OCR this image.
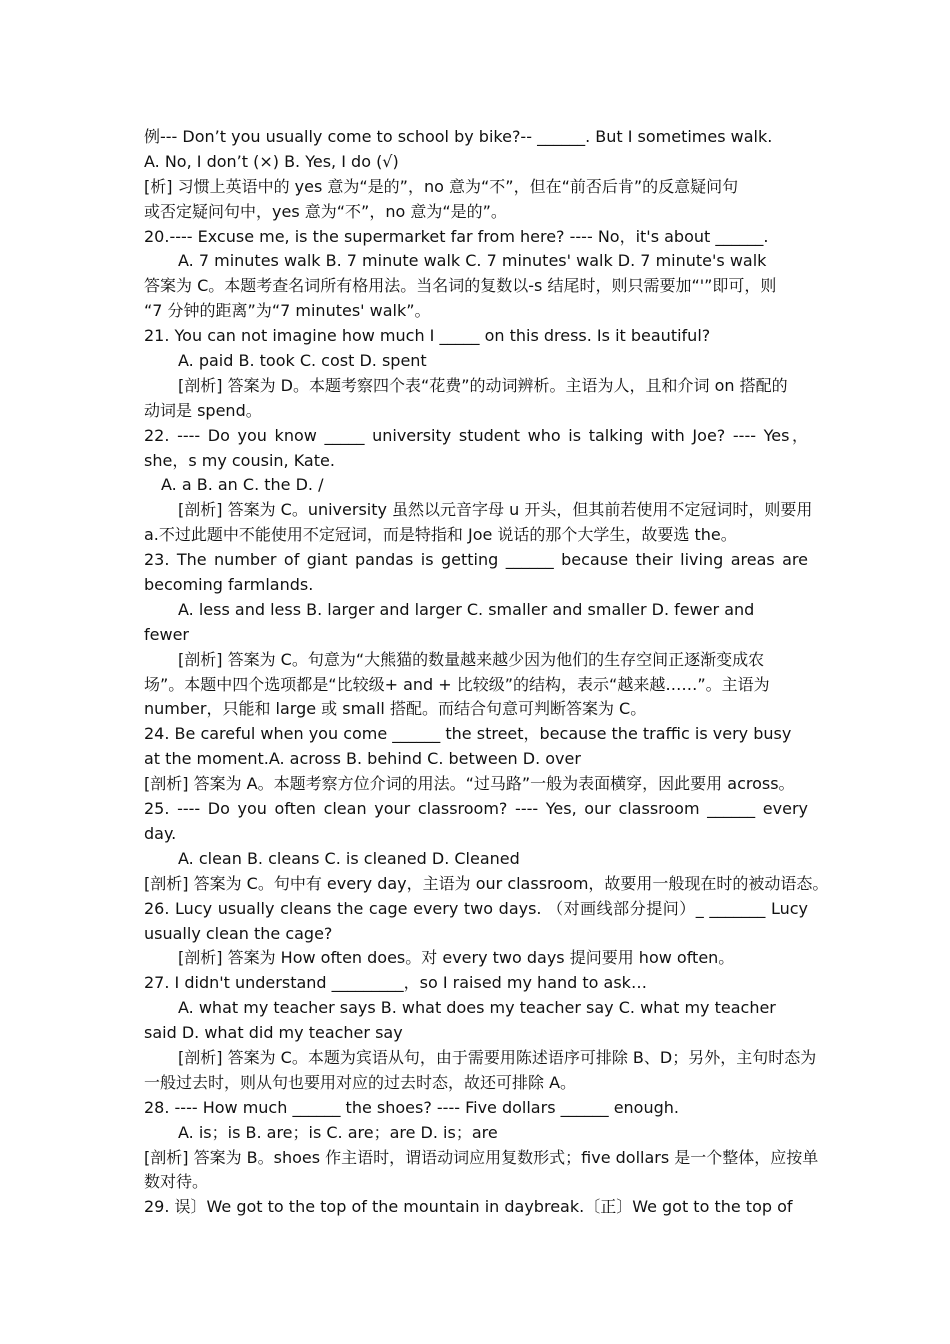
例--- Don’t you usually come to school by bike?-- ______. But I sometimes walk.
A. No, I don’t (×) B. Yes, I do (√)
[析] 习惯上英语中的 yes 意为“是的”，no 意为“不”，但在“前否后肯”的反意疑问句
或否定疑问句中，yes 意为“不”，no 意为“是的”。
20.---- Excuse me, is the supermarket far from here? ---- No，it's about ______.
A. 7 minutes walk B. 7 minute walk C. 7 minutes' walk D. 7 minute's walk
答案为 C。本题考查名词所有格用法。当名词的复数以-s 结尾时，则只需要加“'”即可，则
“7 分钟的距离”为“7 minutes' walk”。
21. You can not imagine how much I _____ on this dress. Is it beautiful?
A. paid B. took C. cost D. spent
[剖析] 答案为 D。本题考察四个表“花费”的动词辨析。主语为人，且和介词 on 搭配的
动词是 spend。
22. ---- Do you know _____ university student who is talking with Joe? ---- Yes，
she，s my cousin, Kate.
A. a B. an C. the D. /
[剖析] 答案为 C。university 虽然以元音字母 u 开头，但其前若使用不定冠词时，则要用
a.不过此题中不能使用不定冠词，而是特指和 Joe 说话的那个大学生，故要选 the。
23. The number of giant pandas is getting ______ because their living areas are
becoming farmlands.
A. less and less B. larger and larger C. smaller and smaller D. fewer and
fewer
[剖析] 答案为 C。句意为“大熊猫的数量越来越少因为他们的生存空间正逐渐变成农
场”。本题中四个选项都是“比较级+ and + 比较级”的结构，表示“越来越……”。主语为
number，只能和 large 或 small 搭配。而结合句意可判断答案为 C。
24. Be careful when you come ______ the street，because the traffic is very busy
at the moment.A. across B. behind C. between D. over
[剖析] 答案为 A。本题考察方位介词的用法。“过马路”一般为表面横穿，因此要用 across。
25. ---- Do you often clean your classroom? ---- Yes, our classroom ______ every
day.
A. clean B. cleans C. is cleaned D. Cleaned
[剖析] 答案为 C。句中有 every day，主语为 our classroom，故要用一般现在时的被动语态。
26. Lucy usually cleans the cage every two days. （对画线部分提问）_ _______ Lucy
usually clean the cage?
[剖析] 答案为 How often does。对 every two days 提问要用 how often。
27. I didn't understand _________，so I raised my hand to ask…
A. what my teacher says B. what does my teacher say C. what my teacher
said D. what did my teacher say
[剖析] 答案为 C。本题为宾语从句，由于需要用陈述语序可排除 B、D；另外，主句时态为
一般过去时，则从句也要用对应的过去时态，故还可排除 A。
28. ---- How much ______ the shoes? ---- Five dollars ______ enough.
A. is；is B. are；is C. are；are D. is；are
[剖析] 答案为 B。shoes 作主语时，谓语动词应用复数形式；five dollars 是一个整体，应按单
数对待。
29. 误〕We got to the top of the mountain in daybreak.〔正〕We got to the top of
